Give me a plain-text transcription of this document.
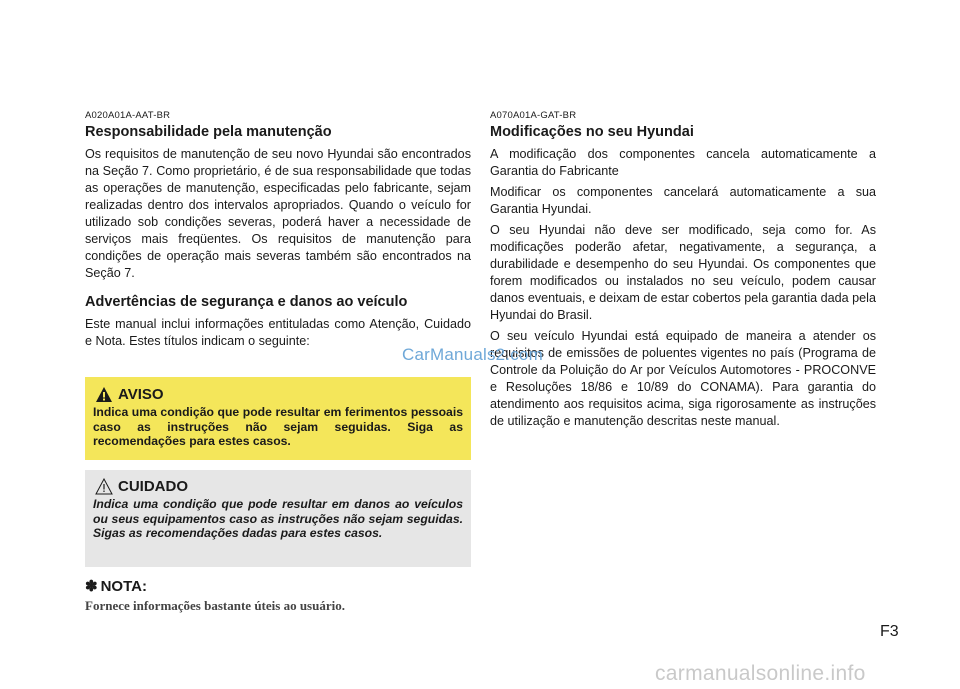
A020A01A-AAT-BR
Responsabilidade pela manutenção

Os requisitos de manutenção de seu novo Hyundai são encontrados na Seção 7. Como proprietário, é de sua responsabilidade que todas as operações de manutenção, especificadas pelo fabricante, sejam realizadas dentro dos intervalos apropriados. Quando o veículo for utilizado sob condições severas, poderá haver a necessidade de serviços mais freqüentes. Os requisitos de manutenção para condições de operação mais severas também são encontrados na Seção 7.

Advertências de segurança e danos ao veículo

Este manual inclui informações entituladas como Atenção, Cuidado e Nota. Estes títulos indicam o seguinte:

AVISO
Indica uma condição que pode resultar em ferimentos pessoais caso as instruções não sejam seguidas. Siga as recomendações para estes casos.
CUIDADO
Indica uma condição que pode resultar em danos ao veículos ou seus equipamentos caso as instruções não sejam seguidas. Sigas as recomendações dadas para estes casos.
✽ NOTA:
Fornece informações bastante úteis ao usuário.
A070A01A-GAT-BR
Modificações no seu Hyundai

A modificação dos componentes cancela automaticamente a Garantia do Fabricante

Modificar os componentes cancelará automaticamente a sua Garantia Hyundai.

O seu Hyundai não deve ser modificado, seja como for. As modificações poderão afetar, negativamente, a segurança, a durabilidade e desempenho do seu Hyundai. Os componentes que forem modificados ou instalados no seu veículo, podem causar danos eventuais, e deixam de estar cobertos pela garantia dada pela Hyundai do Brasil.

O seu veículo Hyundai está equipado de maneira a atender os requisitos de emissões de poluentes vigentes no país (Programa de Controle da Poluição do Ar por Veículos Automotores - PROCONVE e Resoluções 18/86 e 10/89 do CONAMA). Para garantia do atendimento aos requisitos acima, siga rigorosamente as instruções de utilização e manutenção descritas neste manual.

CarManuals2.com
F3
carmanualsonline.info
